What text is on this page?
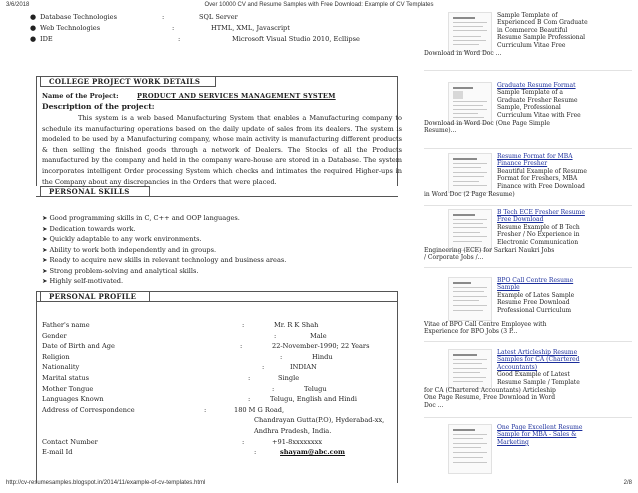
3/6/2018	Over 10000 CV and Resume Samples with Free Download: Example of CV Templates
http://cv-resumesamples.blogspot.in/2014/11/example-of-cv-templates.html	2/8
● Database Technologies	:	SQL Server
● Web Technologies	:	HTML, XML, Javascript
● IDE	:	Microsoft Visual Studio 2010, Ecllipse
COLLEGE PROJECT WORK DETAILS
Name of the Project:	PRODUCT AND SERVICES MANAGEMENT SYSTEM
Description of the project:
This system is a web based Manufacturing System that enables a Manufacturing company to schedule its manufacturing operations based on the daily update of sales from its dealers. The system is modeled to be used by a Manufacturing company, whose main activity is manufacturing different products & then selling the finished goods through a network of Dealers. The Stocks of all the Products manufactured by the company and held in the company ware-house are stored in a Database. The system incorporates intelligent Order processing System which checks and intimates the required Higher-ups in the Company about any discrepancies in the Orders that were placed.
PERSONAL SKILLS
➤ Good programming skills in C, C++ and OOP languages.
➤ Dedication towards work.
➤ Quickly adaptable to any work environments.
➤ Ability to work both independently and in groups.
➤ Ready to acquire new skills in relevant technology and business areas.
➤ Strong problem-solving and analytical skills.
➤ Highly self-motivated.
PERSONAL PROFILE
Father's name	:	Mr. R K Shah
Gender	:	Male
Date of Birth and Age	:	22-November-1990; 22 Years
Religion	:	Hindu
Nationality	:	INDIAN
Marital status	:	Single
Mother Tongue	:	Telugu
Languages Known	:	Telugu, English and Hindi
Address of Correspondence	:	180 M G Road,
Chandrayan Gutta(P.O), Hyderabad-xx,
Andhra Pradesh, India.
Contact Number	:	+91-8xxxxxxxx
E-mail Id	:	shayam@abc.com
Sample Template of
Experienced B Com Graduate
in Commerce Beautiful
Resume Sample Professional
Curriculum Vitae Free
Download in Word Doc ...
Graduate Resume Format
Sample Template of a
Graduate Fresher Resume
Sample, Professional
Curriculum Vitae with Free
Download in Word Doc (One Page Simple
Resume)...
Resume Format for MBA
Finance Fresher
Beautiful Example of Resume
Format for Freshers, MBA
Finance with Free Download
in Word Doc (2 Page Resume)
B Tech ECE Fresher Resume
Free Download
Resume Example of B Tech
Fresher / No Experience in
Electronic Communication
Engineering (ECE) for Sarkari Naukri Jobs
/ Corporate Jobs /...
BPO Call Centre Resume
Sample
Example of Lates Sample
Resume Free Download
Professional Curriculum
Vitae of BPO Call Centre Employee with
Experience for BPO Jobs (3 P...
Latest Articleship Resume
Samples for CA (Chartered
Accountants)
Good Example of Latest
Resume Sample / Template
for CA (Chartered Accountants) Articleship
One Page Resume, Free Download in Word
Doc ...
One Page Excellent Resume
Sample for MBA - Sales &
Marketing
